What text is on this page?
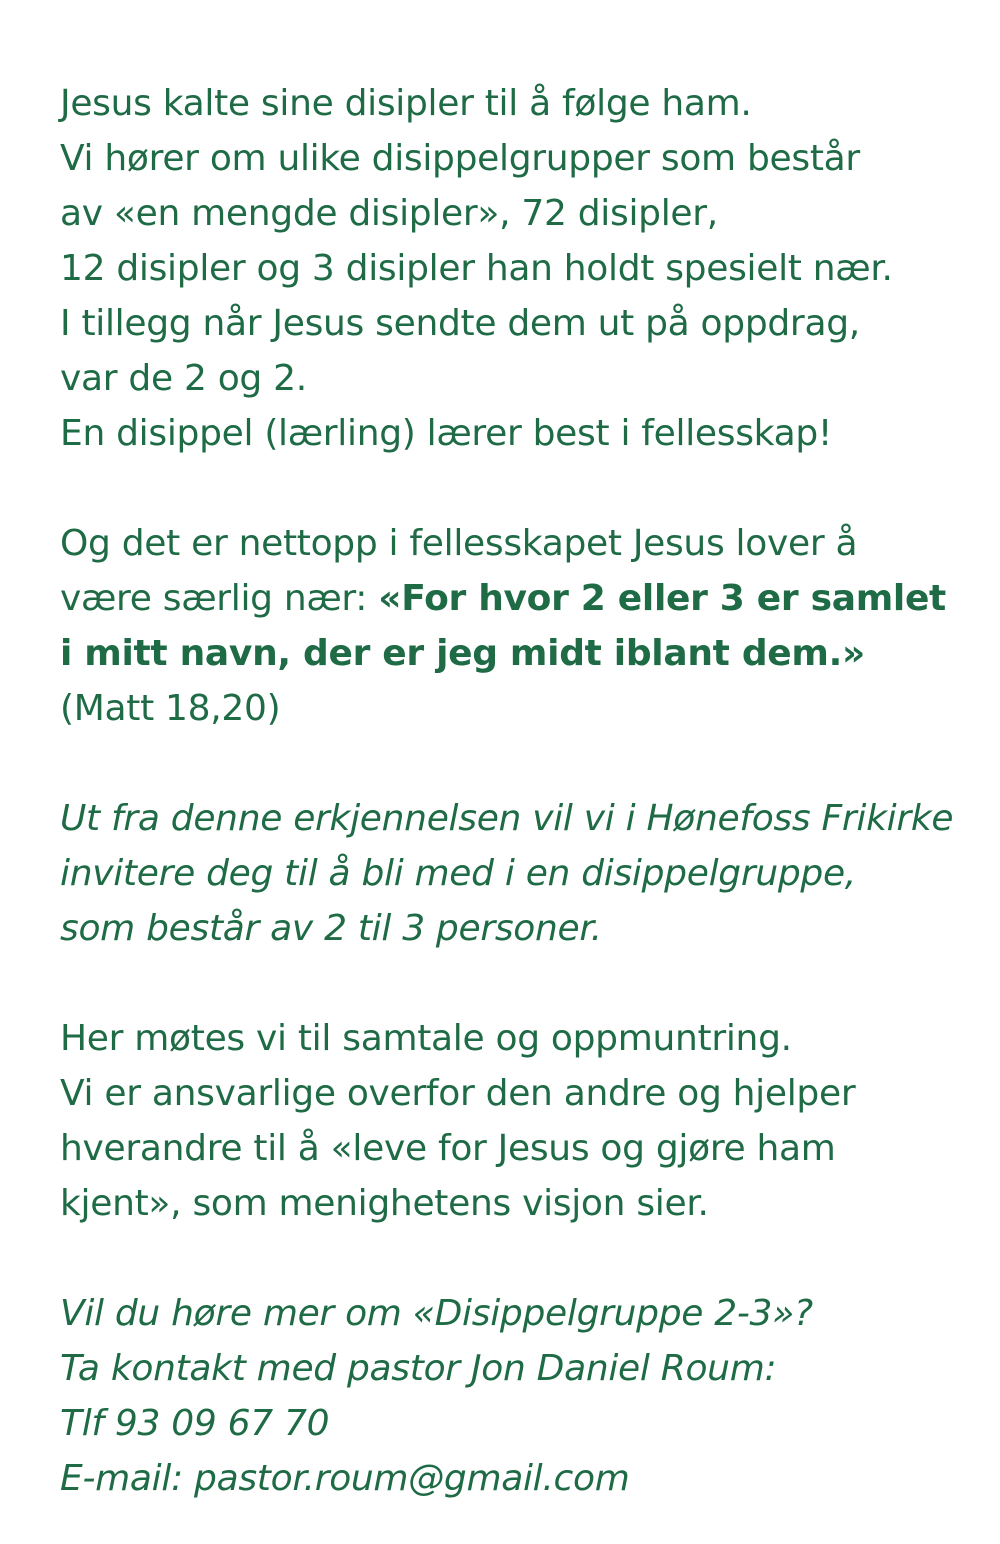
Jesus kalte sine disipler til å følge ham.
Vi hører om ulike disippelgrupper som består
av «en mengde disipler», 72 disipler,
12 disipler og 3 disipler han holdt spesielt nær.
I tillegg når Jesus sendte dem ut på oppdrag,
var de 2 og 2.
En disippel (lærling) lærer best i fellesskap!
Og det er nettopp i fellesskapet Jesus lover å
være særlig nær: «For hvor 2 eller 3 er samlet
i mitt navn, der er jeg midt iblant dem.»
(Matt 18,20)
Ut fra denne erkjennelsen vil vi i Hønefoss Frikirke
invitere deg til å bli med i en disippelgruppe,
som består av 2 til 3 personer.
Her møtes vi til samtale og oppmuntring.
Vi er ansvarlige overfor den andre og hjelper
hverandre til å «leve for Jesus og gjøre ham
kjent», som menighetens visjon sier.
Vil du høre mer om «Disippelgruppe 2-3»?
Ta kontakt med pastor Jon Daniel Roum:
Tlf 93 09 67 70
E-mail: pastor.roum@gmail.com
